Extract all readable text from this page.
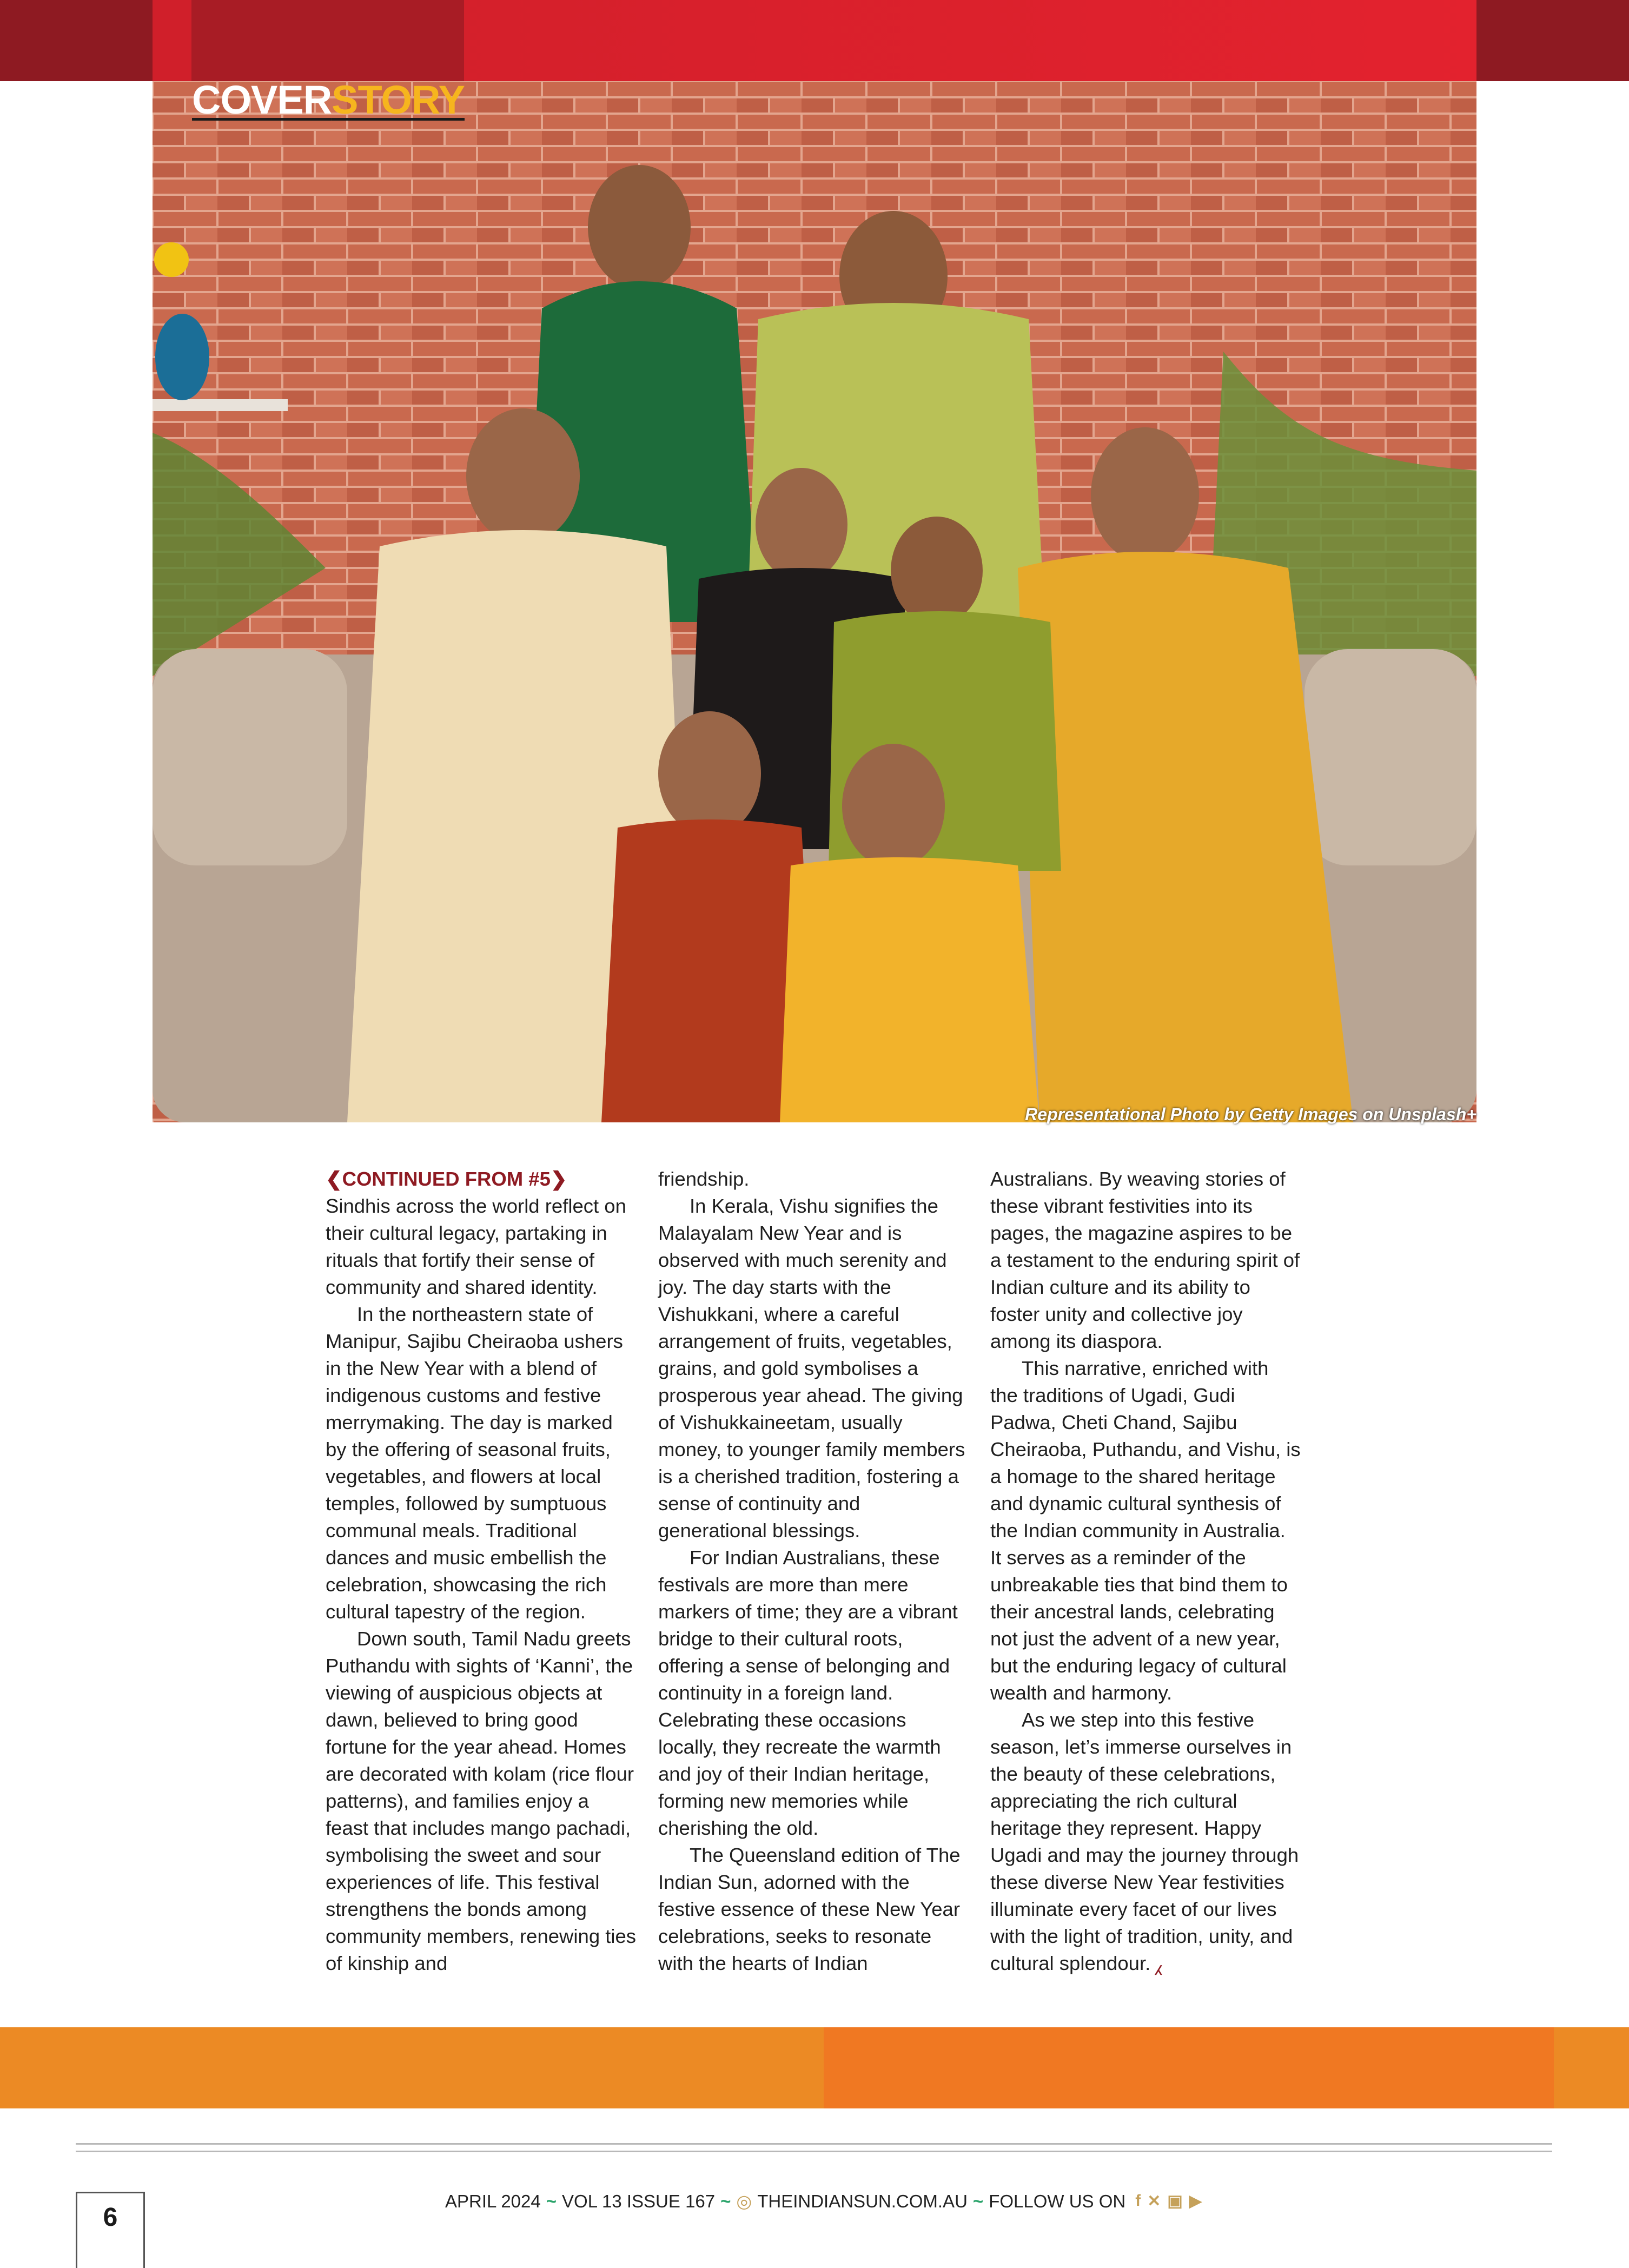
COVERSTORY
Representational Photo by Getty Images on Unsplash+

❮CONTINUED FROM #5❯ Sindhis across the world reflect on their cultural legacy, partaking in rituals that fortify their sense of community and shared identity.

In the northeastern state of Manipur, Sajibu Cheiraoba ushers in the New Year with a blend of indigenous customs and festive merrymaking. The day is marked by the offering of seasonal fruits, vegetables, and flowers at local temples, followed by sumptuous communal meals. Traditional dances and music embellish the celebration, showcasing the rich cultural tapestry of the region.

Down south, Tamil Nadu greets Puthandu with sights of ‘Kanni’, the viewing of auspicious objects at dawn, believed to bring good fortune for the year ahead. Homes are decorated with kolam (rice flour patterns), and families enjoy a feast that includes mango pachadi, symbolising the sweet and sour experiences of life. This festival strengthens the bonds among community members, renewing ties of kinship and

friendship.

In Kerala, Vishu signifies the Malayalam New Year and is observed with much serenity and joy. The day starts with the Vishukkani, where a careful arrangement of fruits, vegetables, grains, and gold symbolises a prosperous year ahead. The giving of Vishukkaineetam, usually money, to younger family members is a cherished tradition, fostering a sense of continuity and generational blessings.

For Indian Australians, these festivals are more than mere markers of time; they are a vibrant bridge to their cultural roots, offering a sense of belonging and continuity in a foreign land. Celebrating these occasions locally, they recreate the warmth and joy of their Indian heritage, forming new memories while cherishing the old.

The Queensland edition of The Indian Sun, adorned with the festive essence of these New Year celebrations, seeks to resonate with the hearts of Indian

Australians. By weaving stories of these vibrant festivities into its pages, the magazine aspires to be a testament to the enduring spirit of Indian culture and its ability to foster unity and collective joy among its diaspora.

This narrative, enriched with the traditions of Ugadi, Gudi Padwa, Cheti Chand, Sajibu Cheiraoba, Puthandu, and Vishu, is a homage to the shared heritage and dynamic cultural synthesis of the Indian community in Australia. It serves as a reminder of the unbreakable ties that bind them to their ancestral lands, celebrating not just the advent of a new year, but the enduring legacy of cultural wealth and harmony.

As we step into this festive season, let’s immerse ourselves in the beauty of these celebrations, appreciating the rich cultural heritage they represent. Happy Ugadi and may the journey through these diverse New Year festivities illuminate every facet of our lives with the light of tradition, unity, and cultural splendour. ⁁

6
APRIL 2024 ~ VOL 13 ISSUE 167 ~ ◎ THEINDIANSUN.COM.AU ~ FOLLOW US ON f ✕ ▣ ▶
